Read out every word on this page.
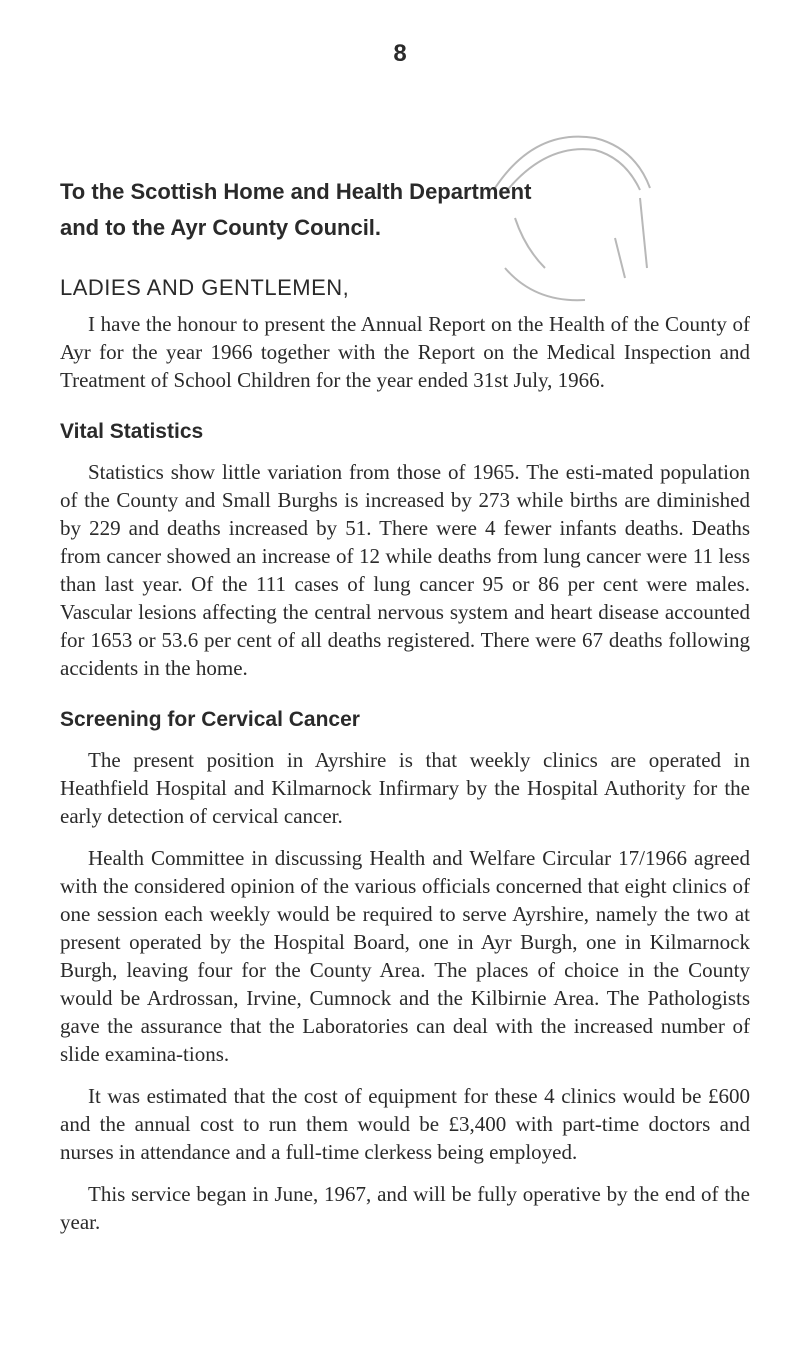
8
To the Scottish Home and Health Department
and to the Ayr County Council.
LADIES AND GENTLEMEN,

I have the honour to present the Annual Report on the Health of the County of Ayr for the year 1966 together with the Report on the Medical Inspection and Treatment of School Children for the year ended 31st July, 1966.

Vital Statistics

Statistics show little variation from those of 1965. The esti-mated population of the County and Small Burghs is increased by 273 while births are diminished by 229 and deaths increased by 51. There were 4 fewer infants deaths. Deaths from cancer showed an increase of 12 while deaths from lung cancer were 11 less than last year. Of the 111 cases of lung cancer 95 or 86 per cent were males. Vascular lesions affecting the central nervous system and heart disease accounted for 1653 or 53.6 per cent of all deaths registered. There were 67 deaths following accidents in the home.

Screening for Cervical Cancer

The present position in Ayrshire is that weekly clinics are operated in Heathfield Hospital and Kilmarnock Infirmary by the Hospital Authority for the early detection of cervical cancer.

Health Committee in discussing Health and Welfare Circular 17/1966 agreed with the considered opinion of the various officials concerned that eight clinics of one session each weekly would be required to serve Ayrshire, namely the two at present operated by the Hospital Board, one in Ayr Burgh, one in Kilmarnock Burgh, leaving four for the County Area. The places of choice in the County would be Ardrossan, Irvine, Cumnock and the Kilbirnie Area. The Pathologists gave the assurance that the Laboratories can deal with the increased number of slide examina-tions.

It was estimated that the cost of equipment for these 4 clinics would be £600 and the annual cost to run them would be £3,400 with part-time doctors and nurses in attendance and a full-time clerkess being employed.

This service began in June, 1967, and will be fully operative by the end of the year.
